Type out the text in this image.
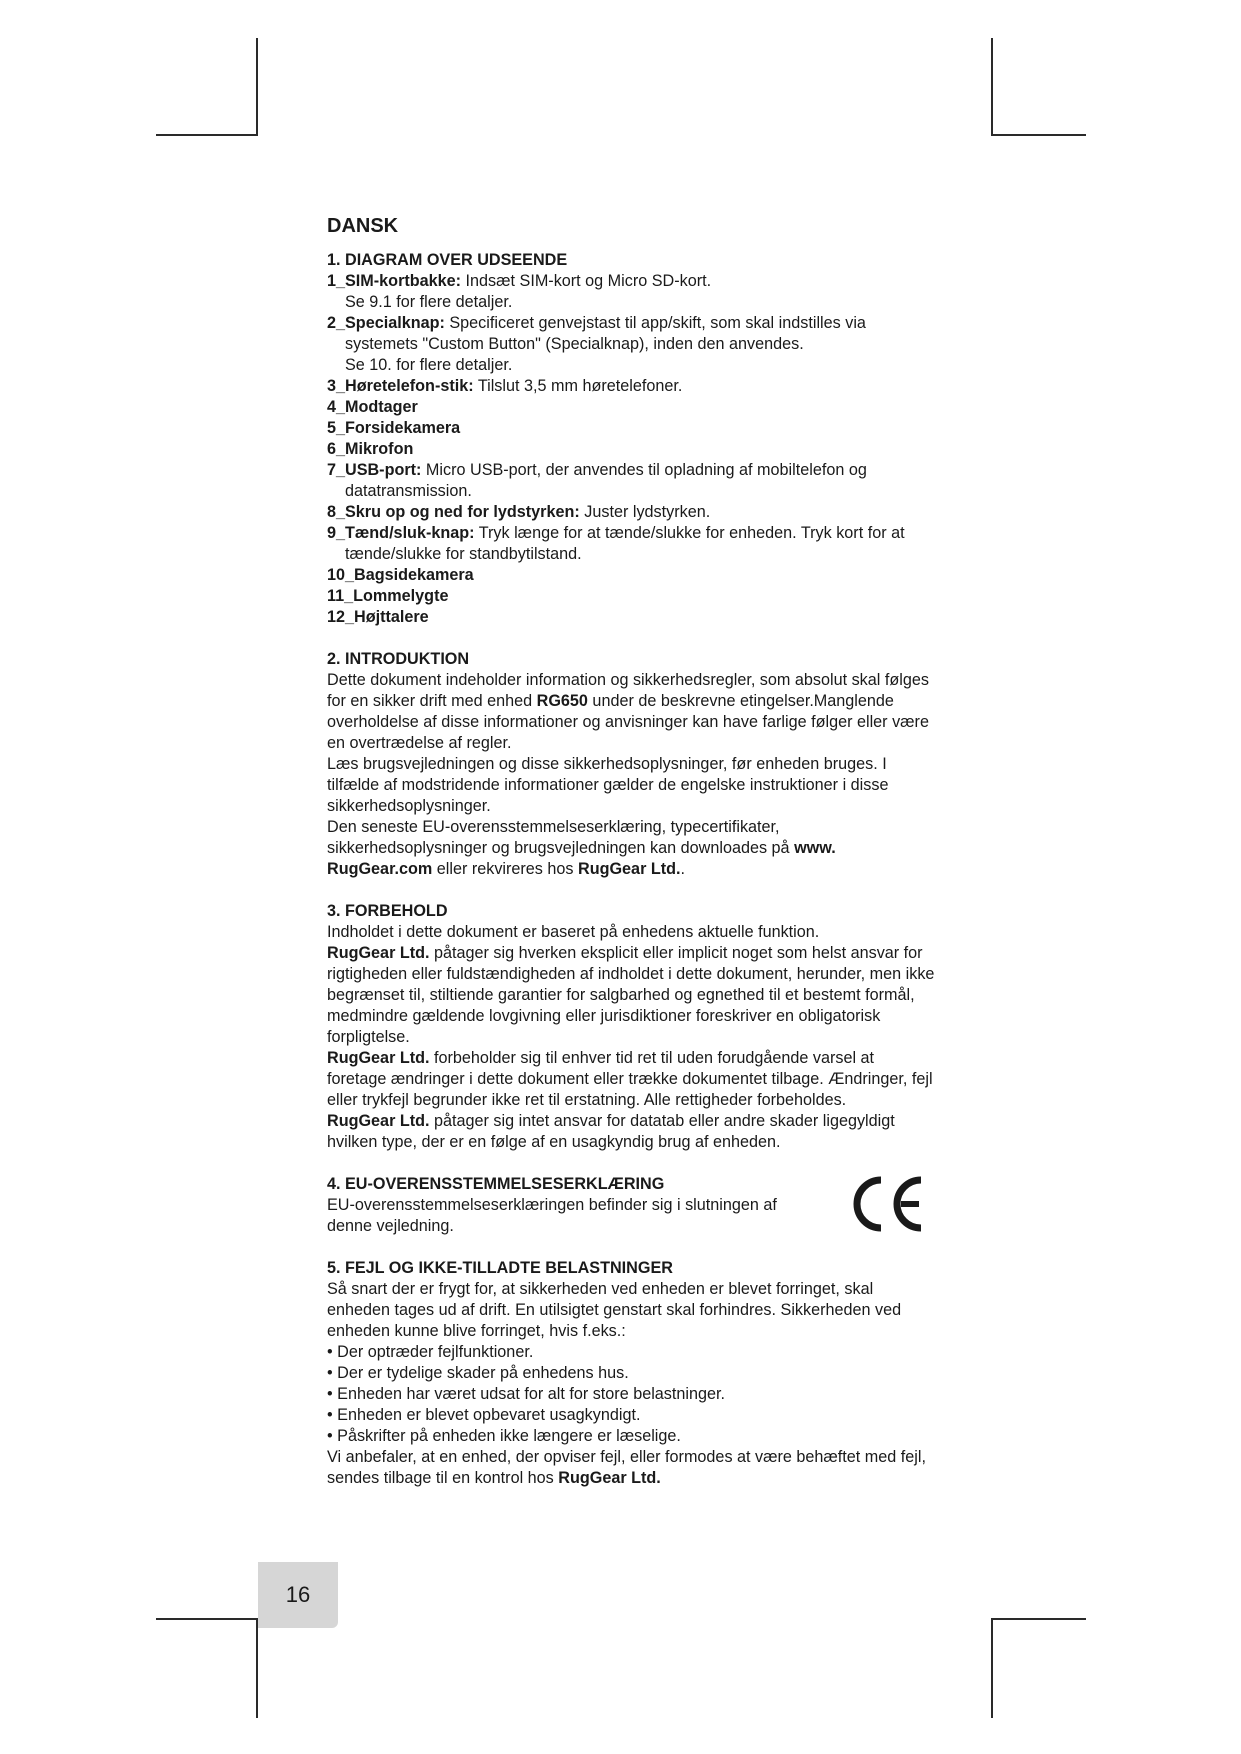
DANSK
1. DIAGRAM OVER UDSEENDE
1_SIM-kortbakke: Indsæt SIM-kort og Micro SD-kort.
Se 9.1 for flere detaljer.
2_Specialknap: Specificeret genvejstast til app/skift, som skal indstilles via systemets "Custom Button" (Specialknap), inden den anvendes.
Se 10. for flere detaljer.
3_Høretelefon-stik: Tilslut 3,5 mm høretelefoner.
4_Modtager
5_Forsidekamera
6_Mikrofon
7_USB-port: Micro USB-port, der anvendes til opladning af mobiltelefon og datatransmission.
8_Skru op og ned for lydstyrken: Juster lydstyrken.
9_Tænd/sluk-knap: Tryk længe for at tænde/slukke for enheden. Tryk kort for at tænde/slukke for standbytilstand.
10_Bagsidekamera
11_Lommelygte
12_Højttalere
2. INTRODUKTION

Dette dokument indeholder information og sikkerhedsregler, som absolut skal følges for en sikker drift med enhed RG650 under de beskrevne etingelser.Manglende overholdelse af disse informationer og anvisninger kan have farlige følger eller være en overtrædelse af regler.

Læs brugsvejledningen og disse sikkerhedsoplysninger, før enheden bruges. I tilfælde af modstridende informationer gælder de engelske instruktioner i disse sikkerhedsoplysninger.

Den seneste EU-overensstemmelseserklæring, typecertifikater, sikkerhedsoplysninger og brugsvejledningen kan downloades på www. RugGear.com eller rekvireres hos RugGear Ltd..

3. FORBEHOLD

Indholdet i dette dokument er baseret på enhedens aktuelle funktion.

RugGear Ltd. påtager sig hverken eksplicit eller implicit noget som helst ansvar for rigtigheden eller fuldstændigheden af indholdet i dette dokument, herunder, men ikke begrænset til, stiltiende garantier for salgbarhed og egnethed til et bestemt formål, medmindre gældende lovgivning eller jurisdiktioner foreskriver en obligatorisk forpligtelse.

RugGear Ltd. forbeholder sig til enhver tid ret til uden forudgående varsel at foretage ændringer i dette dokument eller trække dokumentet tilbage. Ændringer, fejl eller trykfejl begrunder ikke ret til erstatning. Alle rettigheder forbeholdes.

RugGear Ltd. påtager sig intet ansvar for datatab eller andre skader ligegyldigt hvilken type, der er en følge af en usagkyndig brug af enheden.

4. EU-OVERENSSTEMMELSESERKLÆRING

EU-overensstemmelseserklæringen befinder sig i slutningen af denne vejledning.

5. FEJL OG IKKE-TILLADTE BELASTNINGER

Så snart der er frygt for, at sikkerheden ved enheden er blevet forringet, skal enheden tages ud af drift. En utilsigtet genstart skal forhindres. Sikkerheden ved enheden kunne blive forringet, hvis f.eks.:

• Der optræder fejlfunktioner.
• Der er tydelige skader på enhedens hus.
• Enheden har været udsat for alt for store belastninger.
• Enheden er blevet opbevaret usagkyndigt.
• Påskrifter på enheden ikke længere er læselige.

Vi anbefaler, at en enhed, der opviser fejl, eller formodes at være behæftet med fejl, sendes tilbage til en kontrol hos RugGear Ltd.

16
